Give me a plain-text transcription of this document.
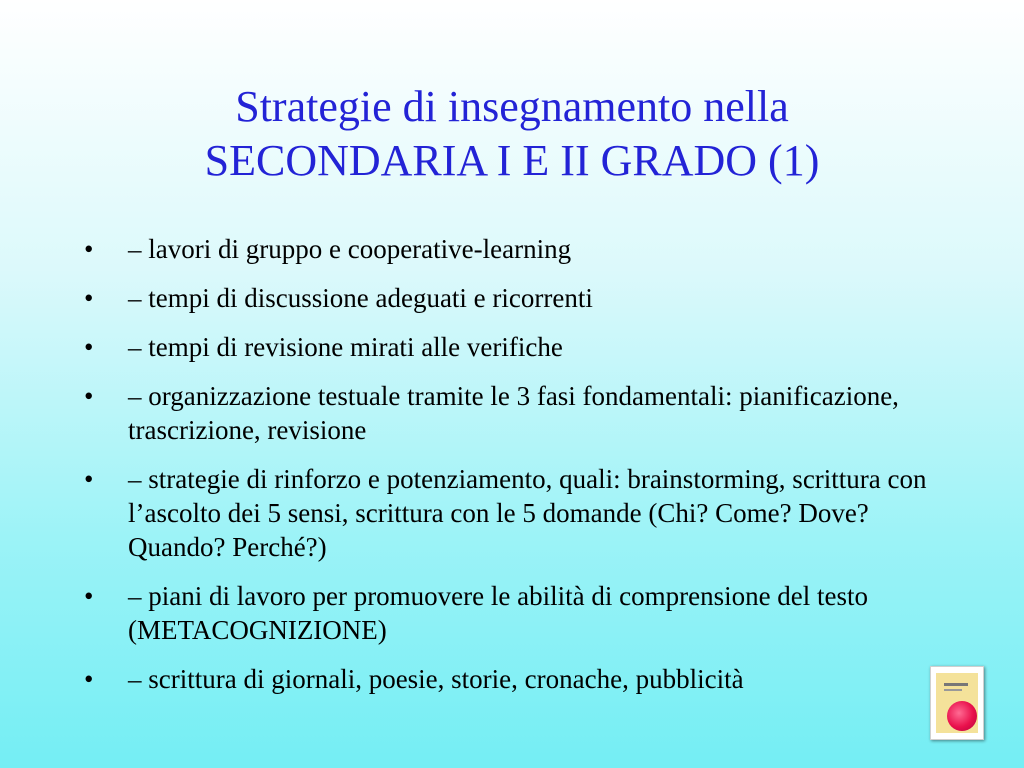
Strategie di insegnamento nella
SECONDARIA I E II GRADO (1)
•	– lavori di gruppo e cooperative-learning
•	– tempi di discussione adeguati e ricorrenti
•	– tempi di revisione mirati alle verifiche
•	– organizzazione testuale tramite le 3 fasi fondamentali: pianificazione, trascrizione, revisione
•	– strategie di rinforzo e potenziamento, quali: brainstorming, scrittura con l’ascolto dei 5 sensi, scrittura con le 5 domande (Chi? Come? Dove? Quando? Perché?)
•	– piani di lavoro per promuovere le abilità di comprensione del testo (METACOGNIZIONE)
•	– scrittura di giornali, poesie, storie, cronache, pubblicità
